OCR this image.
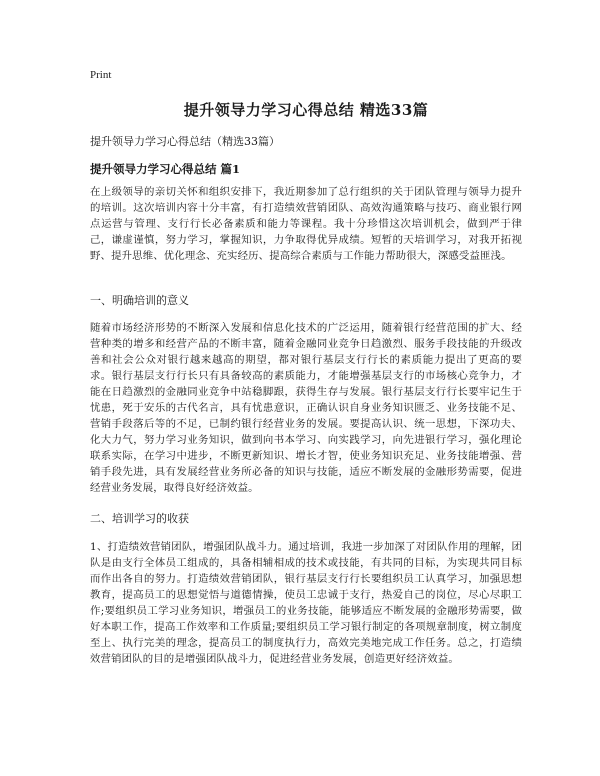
Print
提升领导力学习心得总结 精选33篇

提升领导力学习心得总结（精选33篇）

提升领导力学习心得总结 篇1

在上级领导的亲切关怀和组织安排下，我近期参加了总行组织的关于团队管理与领导力提升的培训。这次培训内容十分丰富，有打造绩效营销团队、高效沟通策略与技巧、商业银行网点运营与管理、支行行长必备素质和能力等课程。我十分珍惜这次培训机会，做到严于律己，谦虚谨慎，努力学习，掌握知识，力争取得优异成绩。短暂的天培训学习，对我开拓视野、提升思维、优化理念、充实经历、提高综合素质与工作能力帮助很大，深感受益匪浅。

一、明确培训的意义

随着市场经济形势的不断深入发展和信息化技术的广泛运用，随着银行经营范围的扩大、经营种类的增多和经营产品的不断丰富，随着金融同业竞争日趋激烈、服务手段技能的升级改善和社会公众对银行越来越高的期望，都对银行基层支行行长的素质能力提出了更高的要求。银行基层支行行长只有具备较高的素质能力，才能增强基层支行的市场核心竞争力，才能在日趋激烈的金融同业竞争中站稳脚跟，获得生存与发展。银行基层支行行长要牢记生于忧患，死于安乐的古代名言，具有忧患意识，正确认识自身业务知识匮乏、业务技能不足、营销手段落后等的不足，已制约银行经营业务的发展。要提高认识、统一思想，下深功夫、化大力气，努力学习业务知识，做到向书本学习、向实践学习，向先进银行学习，强化理论联系实际，在学习中进步，不断更新知识、增长才智，使业务知识充足、业务技能增强、营销手段先进，具有发展经营业务所必备的知识与技能，适应不断发展的金融形势需要，促进经营业务发展，取得良好经济效益。

二、培训学习的收获

1、打造绩效营销团队，增强团队战斗力。通过培训，我进一步加深了对团队作用的理解，团队是由支行全体员工组成的，具备相辅相成的技术或技能，有共同的目标，为实现共同目标而作出各自的努力。打造绩效营销团队，银行基层支行行长要组织员工认真学习，加强思想教育，提高员工的思想觉悟与道德情操，使员工忠诚于支行，热爱自己的岗位，尽心尽职工作;要组织员工学习业务知识，增强员工的业务技能，能够适应不断发展的金融形势需要，做好本职工作，提高工作效率和工作质量;要组织员工学习银行制定的各项规章制度，树立制度至上、执行完美的理念，提高员工的制度执行力，高效完美地完成工作任务。总之，打造绩效营销团队的目的是增强团队战斗力，促进经营业务发展，创造更好经济效益。
